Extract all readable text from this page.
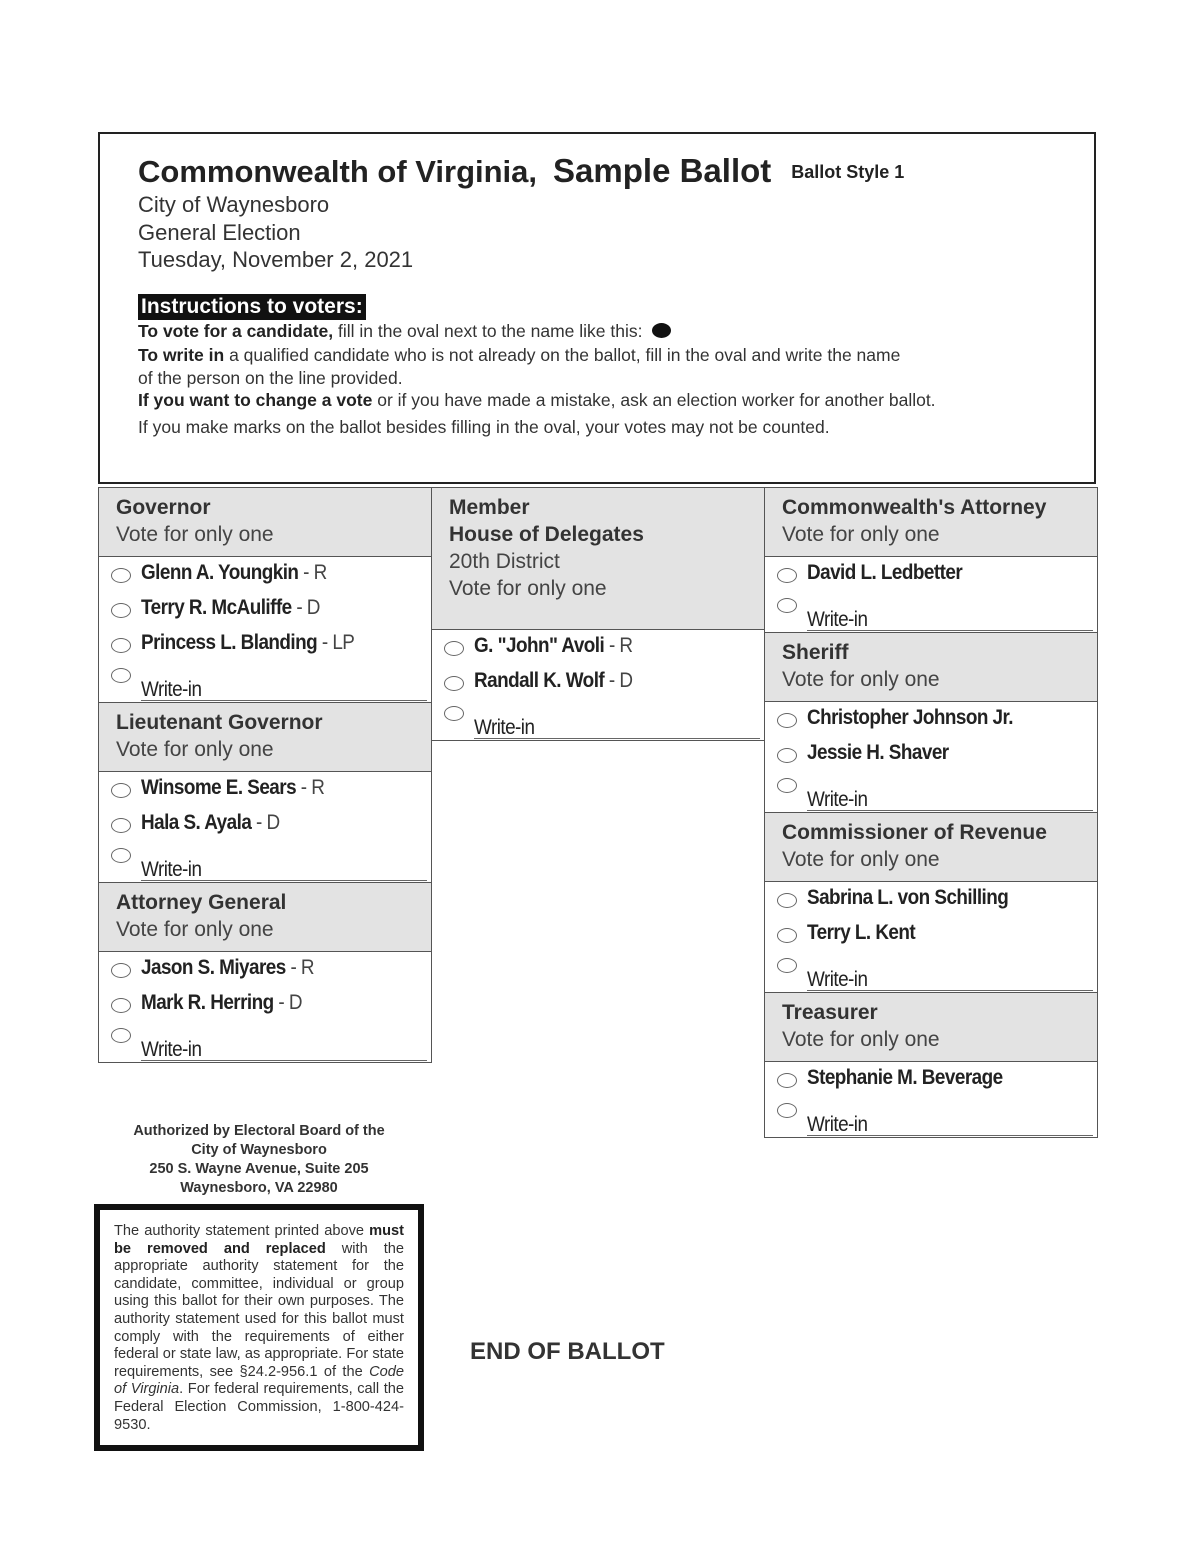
Commonwealth of Virginia, Sample Ballot Ballot Style 1
City of Waynesboro
General Election
Tuesday, November 2, 2021
Instructions to voters:
To vote for a candidate, fill in the oval next to the name like this:
To write in a qualified candidate who is not already on the ballot, fill in the oval and write the name
of the person on the line provided.
If you want to change a vote or if you have made a mistake, ask an election worker for another ballot.
If you make marks on the ballot besides filling in the oval, your votes may not be counted.
Governor
Vote for only one
Glenn A. Youngkin - R
Terry R. McAuliffe - D
Princess L. Blanding - LP
Write-in
Lieutenant Governor
Vote for only one
Winsome E. Sears - R
Hala S. Ayala - D
Write-in
Attorney General
Vote for only one
Jason S. Miyares - R
Mark R. Herring - D
Write-in
Member
House of Delegates
20th District
Vote for only one
G. "John" Avoli - R
Randall K. Wolf - D
Write-in
Commonwealth's Attorney
Vote for only one
David L. Ledbetter
Write-in
Sheriff
Vote for only one
Christopher Johnson Jr.
Jessie H. Shaver
Write-in
Commissioner of Revenue
Vote for only one
Sabrina L. von Schilling
Terry L. Kent
Write-in
Treasurer
Vote for only one
Stephanie M. Beverage
Write-in
Authorized by Electoral Board of the
City of Waynesboro
250 S. Wayne Avenue, Suite 205
Waynesboro, VA 22980
The authority statement printed above must be removed and replaced with the appropriate authority statement for the candidate, committee, individual or group using this ballot for their own purposes. The authority statement used for this ballot must comply with the requirements of either federal or state law, as appropriate. For state requirements, see §24.2-956.1 of the Code of Virginia. For federal requirements, call the Federal Election Commission, 1-800-424-9530.
END OF BALLOT
